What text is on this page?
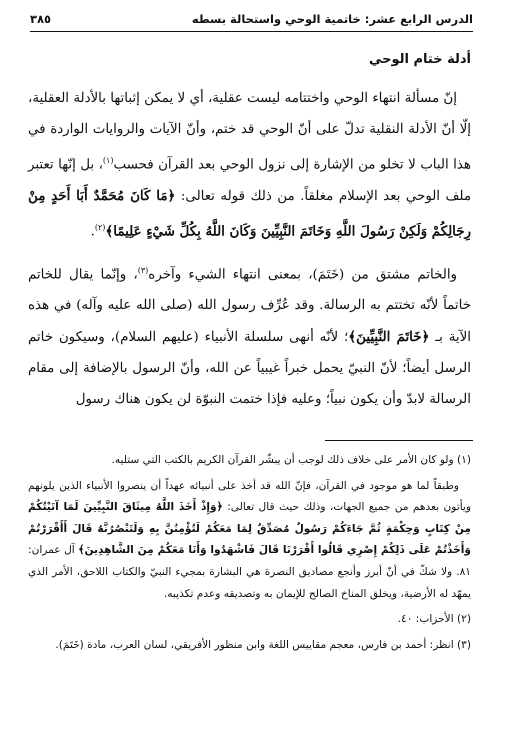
الدرس الرابع عشر: خاتمية الوحي واستحالة بسطه
٣٨٥
أدلة ختام الوحي

إنّ مسألة انتهاء الوحي واختتامه ليست عقلية، أي لا يمكن إثباتها بالأدلة العقلية، إلّا أنّ الأدلة النقلية تدلّ على أنّ الوحي قد ختم، وأنّ الآيات والروايات الواردة في هذا الباب لا تخلو من الإشارة إلى نزول الوحي بعد القرآن فحسب$^{(١)}$، بل إنّها تعتبر ملف الوحي بعد الإسلام مغلقاً. من ذلك قوله تعالى: ﴿مَا كَانَ مُحَمَّدٌ أَبَا أَحَدٍ مِنْ رِجَالِكُمْ وَلَكِنْ رَسُولَ اللَّهِ وَخَاتَمَ النَّبِيِّينَ وَكَانَ اللَّهُ بِكُلِّ شَيْءٍ عَلِيمًا﴾$^{(٢)}$.

والخاتم مشتق من (خَتَمَ)، بمعنى انتهاء الشيء وآخره$^{(٣)}$، وإنّما يقال للخاتم خاتماً لأنّه تختتم به الرسالة. وقد عُرِّف رسول الله (صلى الله عليه وآله) في هذه الآية بـ ﴿خَاتَمَ النَّبِيِّينَ﴾؛ لأنّه أنهى سلسلة الأنبياء (عليهم السلام)، وسيكون خاتم الرسل أيضاً؛ لأنّ النبيّ يحمل خبراً غيبياً عن الله، وأنّ الرسول بالإضافة إلى مقام الرسالة لابدّ وأن يكون نبياً؛ وعليه فإذا ختمت النبوّة لن يكون هناك رسول

(١) ولو كان الأمر على خلاف ذلك لوجب أن يبشّر القرآن الكريم بالكتب التي ستليه.

وطبقاً لما هو موجود في القرآن، فإنّ الله قد أخذ على أنبيائه عهداً أن ينصروا الأنبياء الذين يلونهم ويأتون بعدهم من جميع الجهات، وذلك حيث قال تعالى: ﴿وَإِذْ أَخَذَ اللَّهُ مِيثَاقَ النَّبِيِّينَ لَمَا آتَيْتُكُمْ مِنْ كِتَابٍ وَحِكْمَةٍ ثُمَّ جَاءَكُمْ رَسُولٌ مُصَدِّقٌ لِمَا مَعَكُمْ لَتُؤْمِنُنَّ بِهِ وَلَتَنْصُرُنَّهُ قَالَ أَأَقْرَرْتُمْ وَأَخَذْتُمْ عَلَى ذَلِكُمْ إِصْرِي قَالُوا أَقْرَرْنَا قَالَ فَاشْهَدُوا وَأَنَا مَعَكُمْ مِنَ الشَّاهِدِينَ﴾ آل عمران: ٨١. ولا شكّ في أنّ أبرز وأنجع مصاديق النصرة هي البشارة بمجيء النبيّ والكتاب اللاحق، الأمر الذي يمهّد له الأرضية، ويخلق المناخ الصالح للإيمان به وتصديقه وعدم تكذيبه.

(٢) الأحزاب: ٤٠.

(٣) انظر: أحمد بن فارس، معجم مقاييس اللغة وابن منظور الأفريقي، لسان العرب، مادة (خَتَمَ).
